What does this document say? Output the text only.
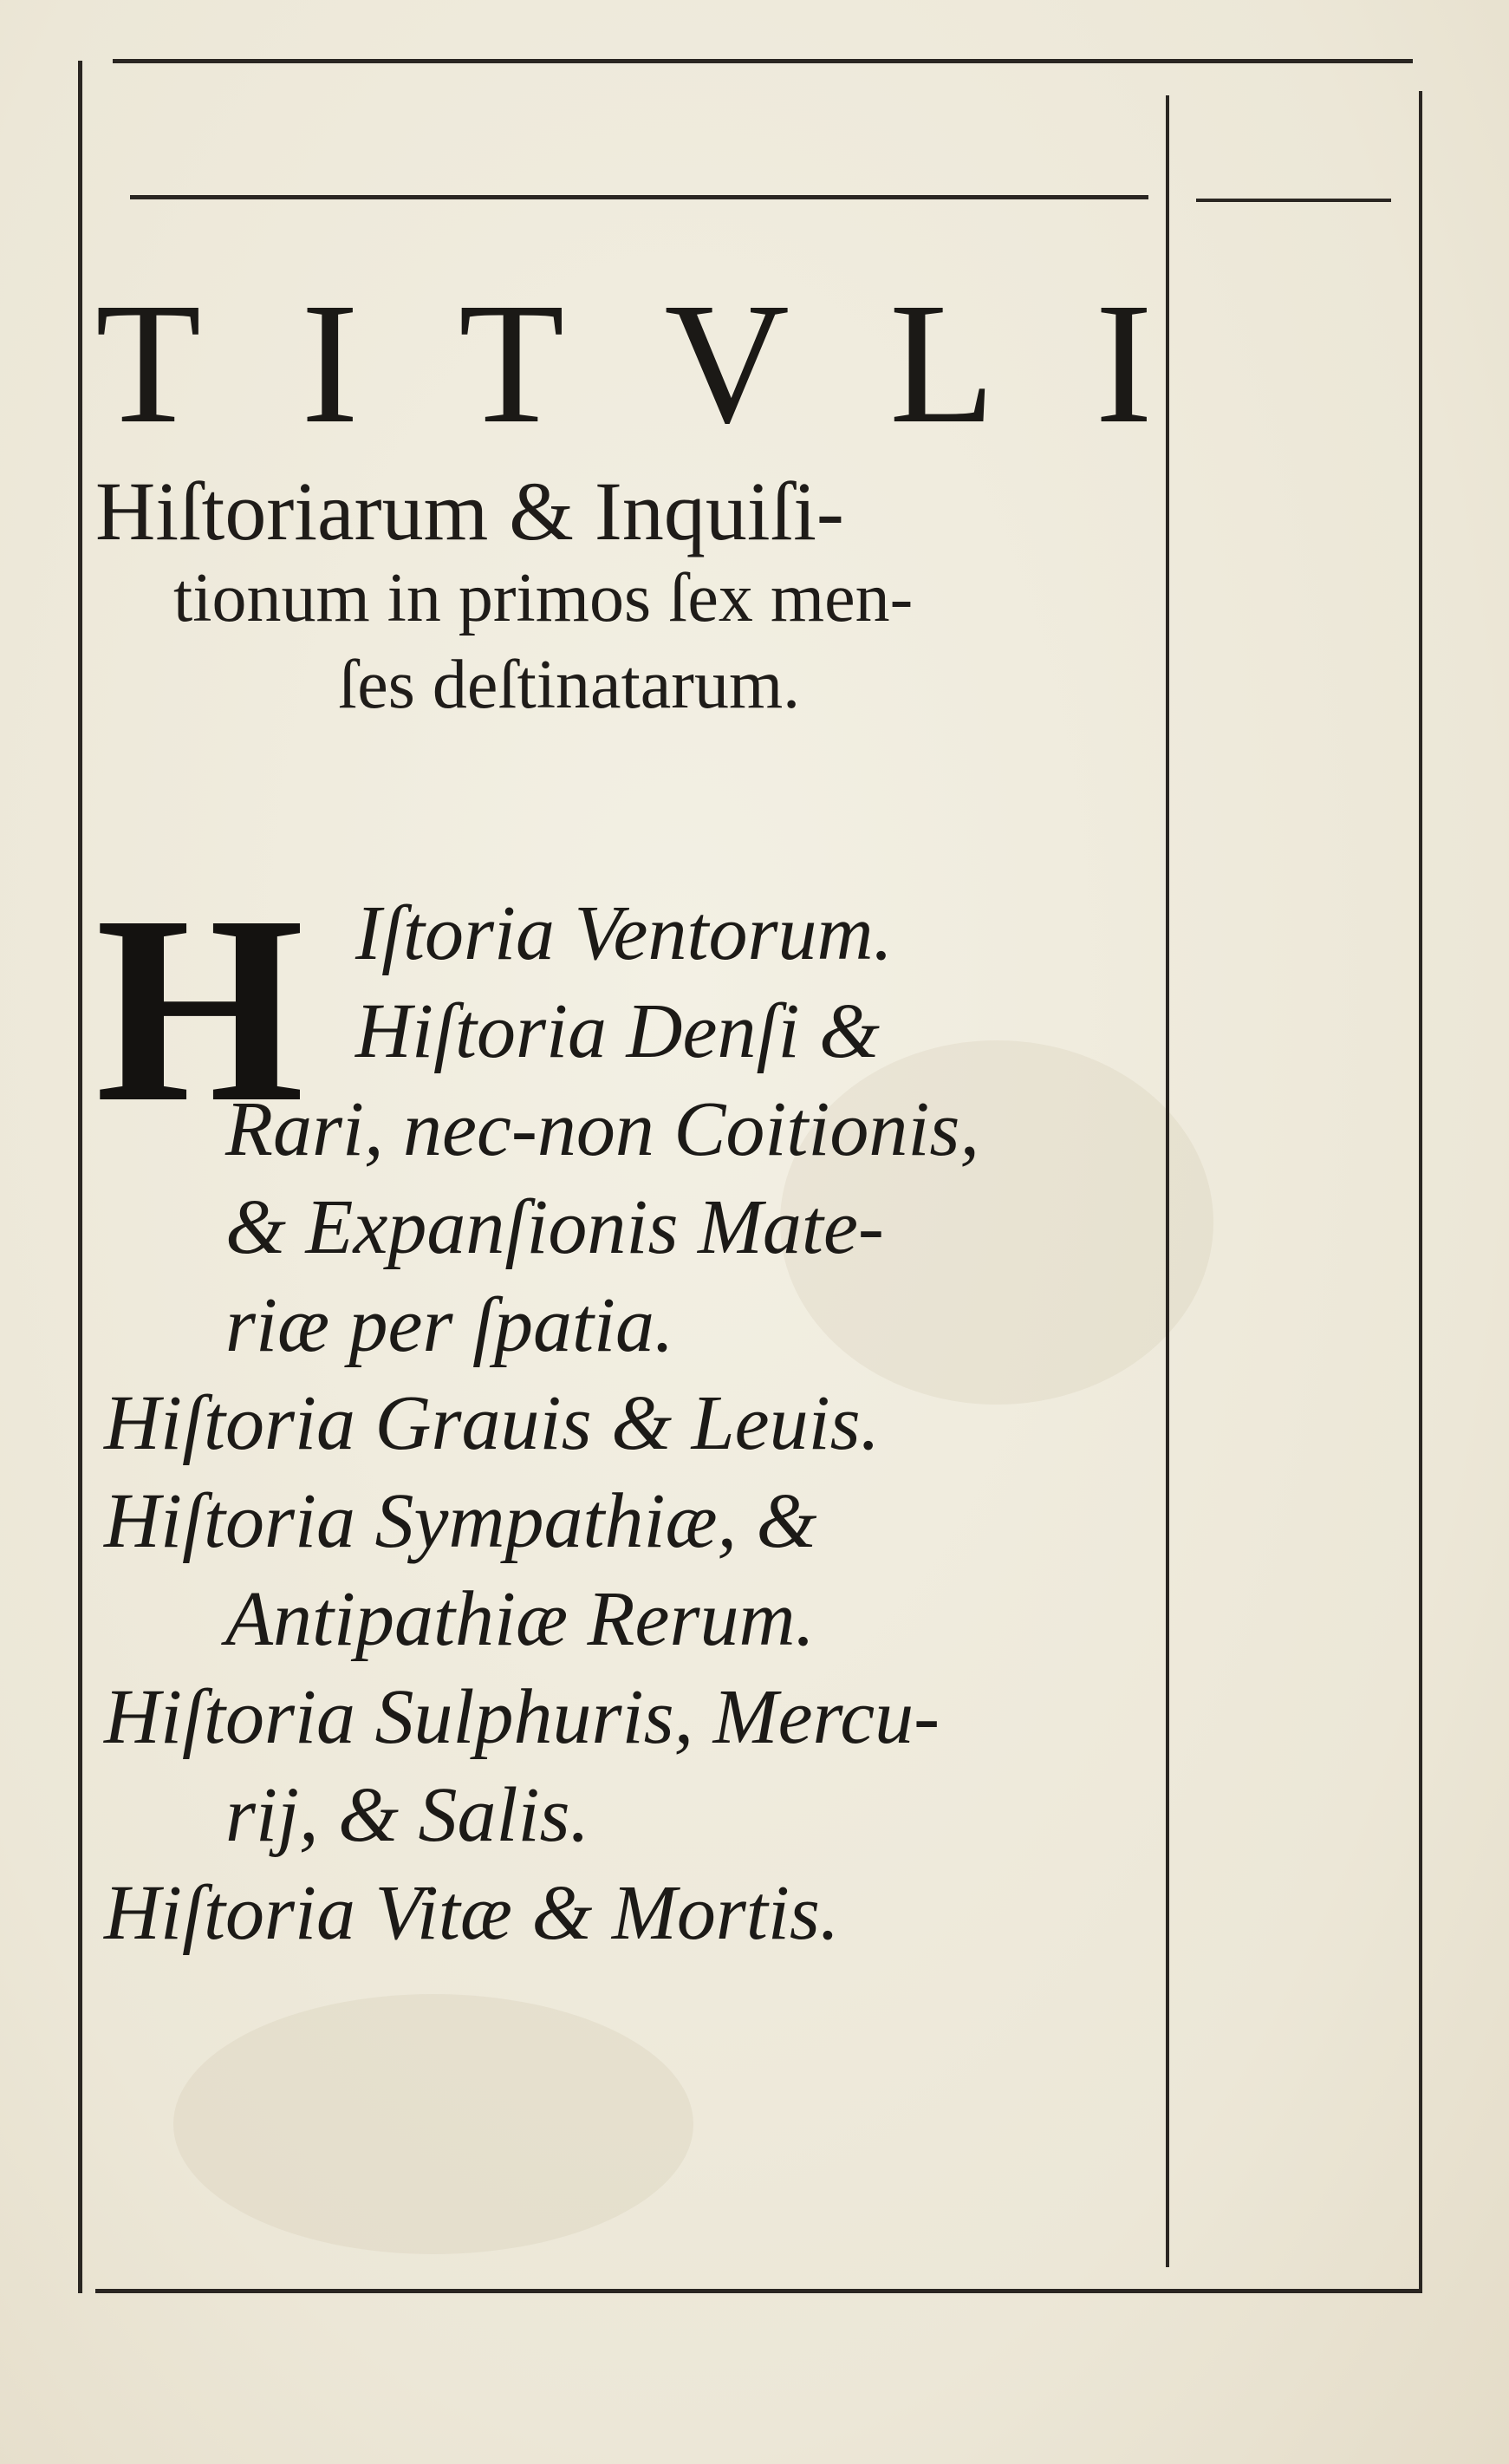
T I T V L I
Hiſtoriarum & Inquiſi-
tionum in primos ſex men-
ſes deſtinatarum.
H Iſtoria Ventorum.
Hiſtoria Denſi &
Rari, nec-non Coitionis,
& Expanſionis Mate-
riæ per ſpatia.
Hiſtoria Grauis & Leuis.
Hiſtoria Sympathiæ, &
Antipathiæ Rerum.
Hiſtoria Sulphuris, Mercu-
rij, & Salis.
Hiſtoria Vitæ & Mortis.
